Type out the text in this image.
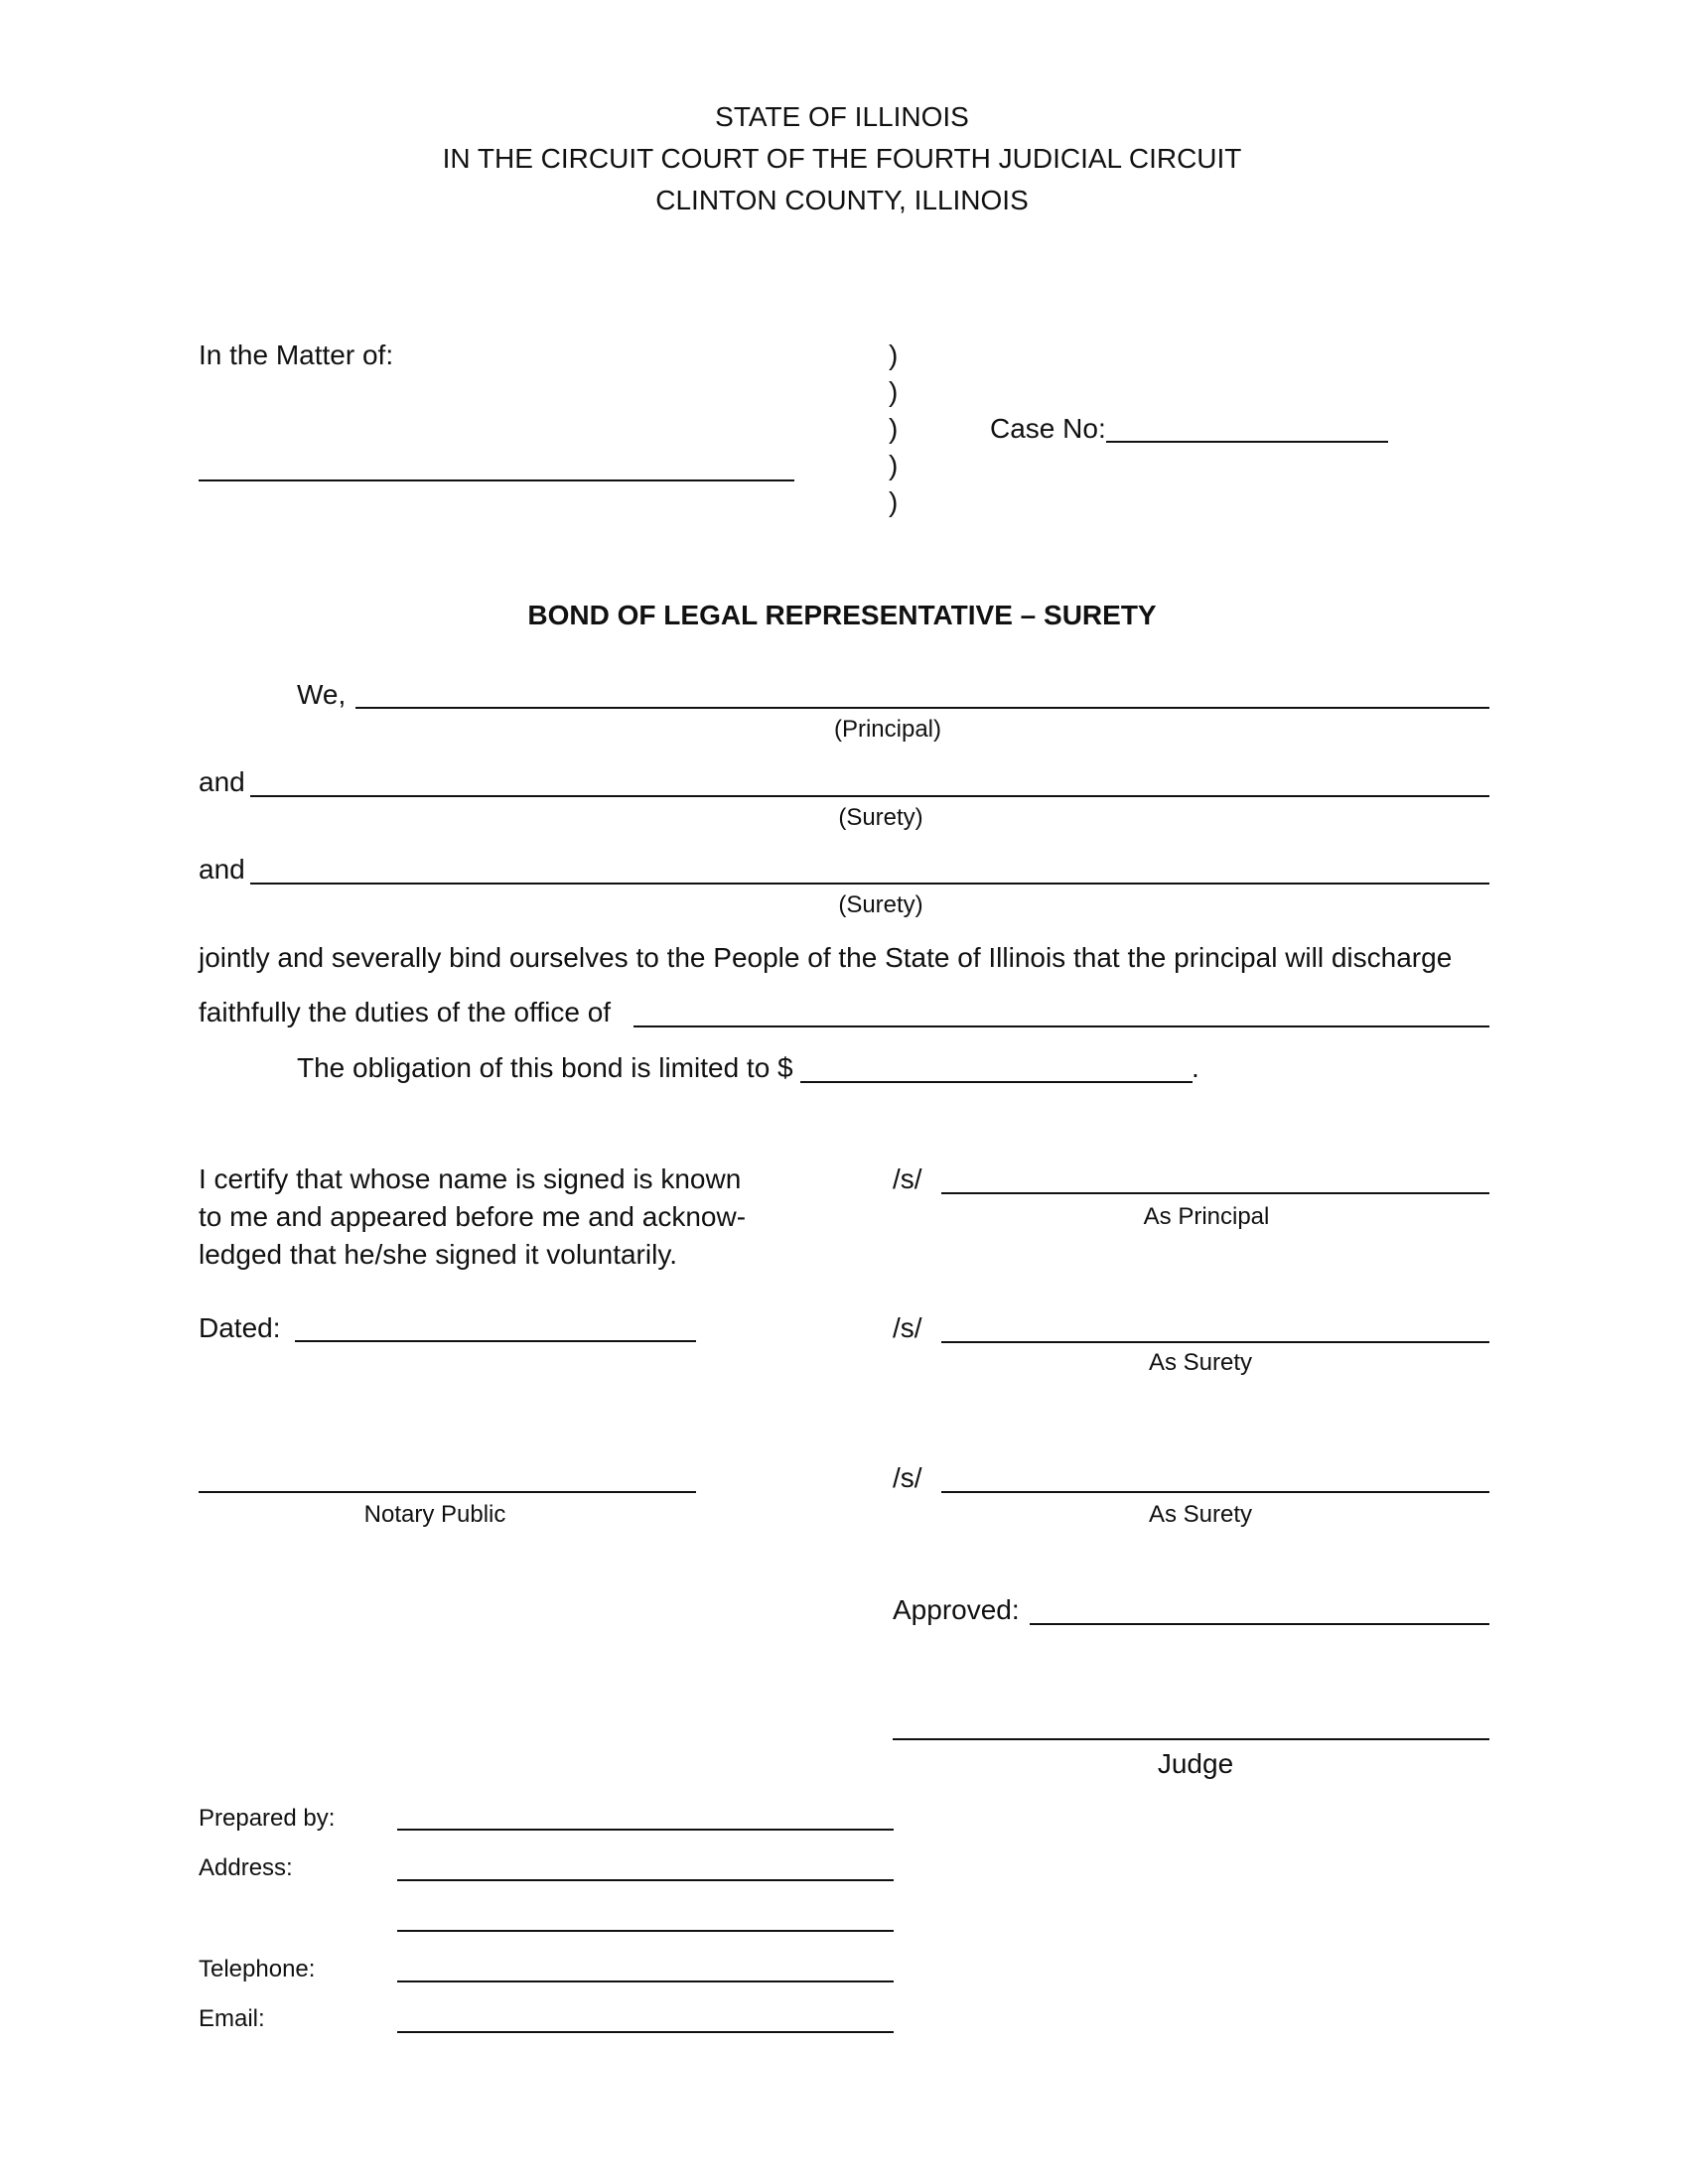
STATE OF ILLINOIS
IN THE CIRCUIT COURT OF THE FOURTH JUDICIAL CIRCUIT
CLINTON COUNTY, ILLINOIS
In the Matter of:	)
)
)
)
)
Case No:
BOND OF LEGAL REPRESENTATIVE – SURETY
We,
(Principal)
and
(Surety)
and
(Surety)
jointly and severally bind ourselves to the People of the State of Illinois that the principal will discharge
faithfully the duties of the office of
The obligation of this bond is limited to $	.
I certify that whose name is signed is known
to me and appeared before me and acknow-
ledged that he/she signed it voluntarily.
Dated:
Notary Public
/s/
As Principal
/s/
As Surety
/s/
As Surety
Approved:
Judge
Prepared by:
Address:
Telephone:
Email:
